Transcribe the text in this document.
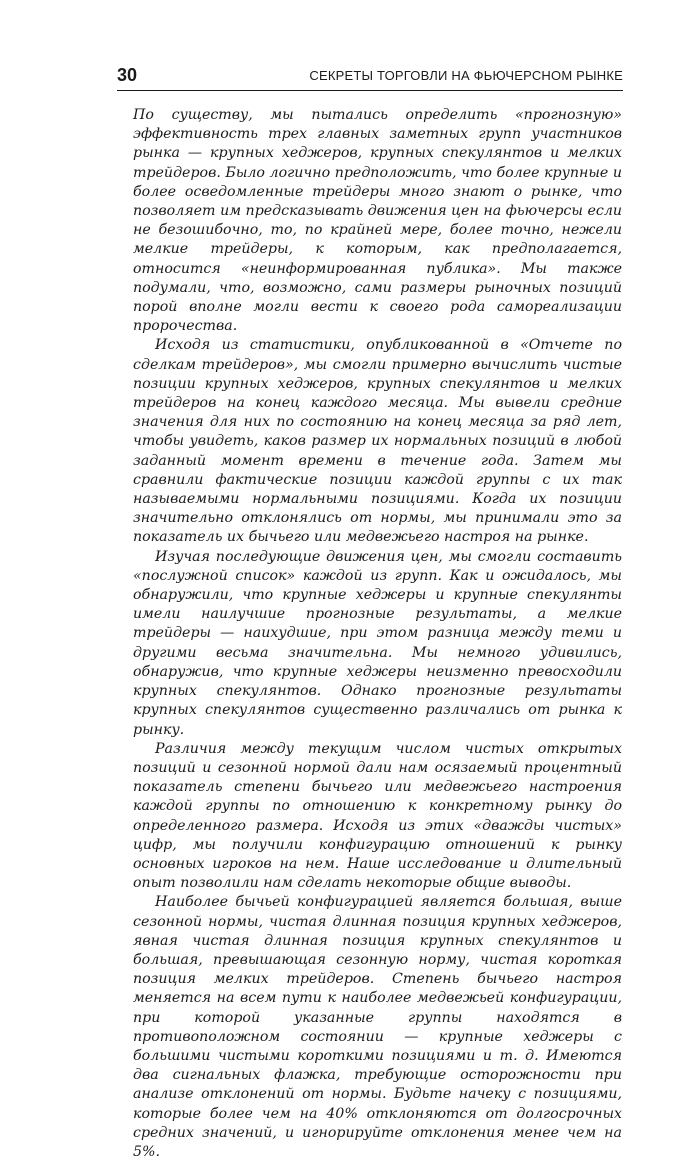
30	СЕКРЕТЫ ТОРГОВЛИ НА ФЬЮЧЕРСНОМ РЫНКЕ

По существу, мы пытались определить «прогнозную» эффективность трех главных заметных групп участников рынка — крупных хеджеров, крупных спекулянтов и мелких трейдеров. Было логично предположить, что более крупные и более осведомленные трейдеры много знают о рынке, что позволяет им предсказывать движения цен на фьючерсы если не безошибочно, то, по крайней мере, более точно, нежели мелкие трейдеры, к которым, как предполагается, относится «неинформированная публика». Мы также подумали, что, возможно, сами размеры рыночных позиций порой вполне могли вести к своего рода самореализации пророчества.

Исходя из статистики, опубликованной в «Отчете по сделкам трейдеров», мы смогли примерно вычислить чистые позиции крупных хеджеров, крупных спекулянтов и мелких трейдеров на конец каждого месяца. Мы вывели средние значения для них по состоянию на конец месяца за ряд лет, чтобы увидеть, каков размер их нормальных позиций в любой заданный момент времени в течение года. Затем мы сравнили фактические позиции каждой группы с их так называемыми нормальными позициями. Когда их позиции значительно отклонялись от нормы, мы принимали это за показатель их бычьего или медвежьего настроя на рынке.

Изучая последующие движения цен, мы смогли составить «послужной список» каждой из групп. Как и ожидалось, мы обнаружили, что крупные хеджеры и крупные спекулянты имели наилучшие прогнозные результаты, а мелкие трейдеры — наихудшие, при этом разница между теми и другими весьма значительна. Мы немного удивились, обнаружив, что крупные хеджеры неизменно превосходили крупных спекулянтов. Однако прогнозные результаты крупных спекулянтов существенно различались от рынка к рынку.

Различия между текущим числом чистых открытых позиций и сезонной нормой дали нам осязаемый процентный показатель степени бычьего или медвежьего настроения каждой группы по отношению к конкретному рынку до определенного размера. Исходя из этих «дважды чистых» цифр, мы получили конфигурацию отношений к рынку основных игроков на нем. Наше исследование и длительный опыт позволили нам сделать некоторые общие выводы.

Наиболее бычьей конфигурацией является большая, выше сезонной нормы, чистая длинная позиция крупных хеджеров, явная чистая длинная позиция крупных спекулянтов и большая, превышающая сезонную норму, чистая короткая позиция мелких трейдеров. Степень бычьего настроя меняется на всем пути к наиболее медвежьей конфигурации, при которой указанные группы находятся в противоположном состоянии — крупные хеджеры с большими чистыми короткими позициями и т. д. Имеются два сигнальных флажка, требующие осторожности при анализе отклонений от нормы. Будьте начеку с позициями, которые более чем на 40% отклоняются от долгосрочных средних значений, и игнорируйте отклонения менее чем на 5%.
